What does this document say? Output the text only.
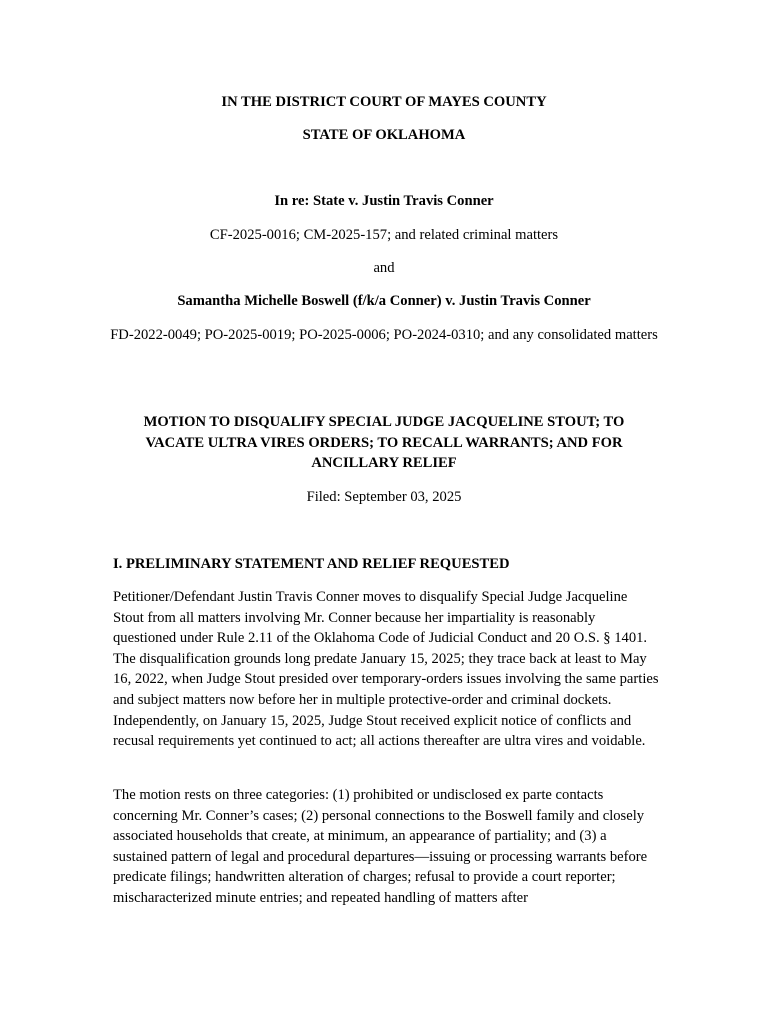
IN THE DISTRICT COURT OF MAYES COUNTY
STATE OF OKLAHOMA
In re: State v. Justin Travis Conner
CF-2025-0016; CM-2025-157; and related criminal matters
and
Samantha Michelle Boswell (f/k/a Conner) v. Justin Travis Conner
FD-2022-0049; PO-2025-0019; PO-2025-0006; PO-2024-0310; and any consolidated matters
MOTION TO DISQUALIFY SPECIAL JUDGE JACQUELINE STOUT; TO VACATE ULTRA VIRES ORDERS; TO RECALL WARRANTS; AND FOR ANCILLARY RELIEF
Filed: September 03, 2025
I. PRELIMINARY STATEMENT AND RELIEF REQUESTED

Petitioner/Defendant Justin Travis Conner moves to disqualify Special Judge Jacqueline Stout from all matters involving Mr. Conner because her impartiality is reasonably questioned under Rule 2.11 of the Oklahoma Code of Judicial Conduct and 20 O.S. § 1401. The disqualification grounds long predate January 15, 2025; they trace back at least to May 16, 2022, when Judge Stout presided over temporary-orders issues involving the same parties and subject matters now before her in multiple protective-order and criminal dockets. Independently, on January 15, 2025, Judge Stout received explicit notice of conflicts and recusal requirements yet continued to act; all actions thereafter are ultra vires and voidable.

The motion rests on three categories: (1) prohibited or undisclosed ex parte contacts concerning Mr. Conner’s cases; (2) personal connections to the Boswell family and closely associated households that create, at minimum, an appearance of partiality; and (3) a sustained pattern of legal and procedural departures—issuing or processing warrants before predicate filings; handwritten alteration of charges; refusal to provide a court reporter; mischaracterized minute entries; and repeated handling of matters after
